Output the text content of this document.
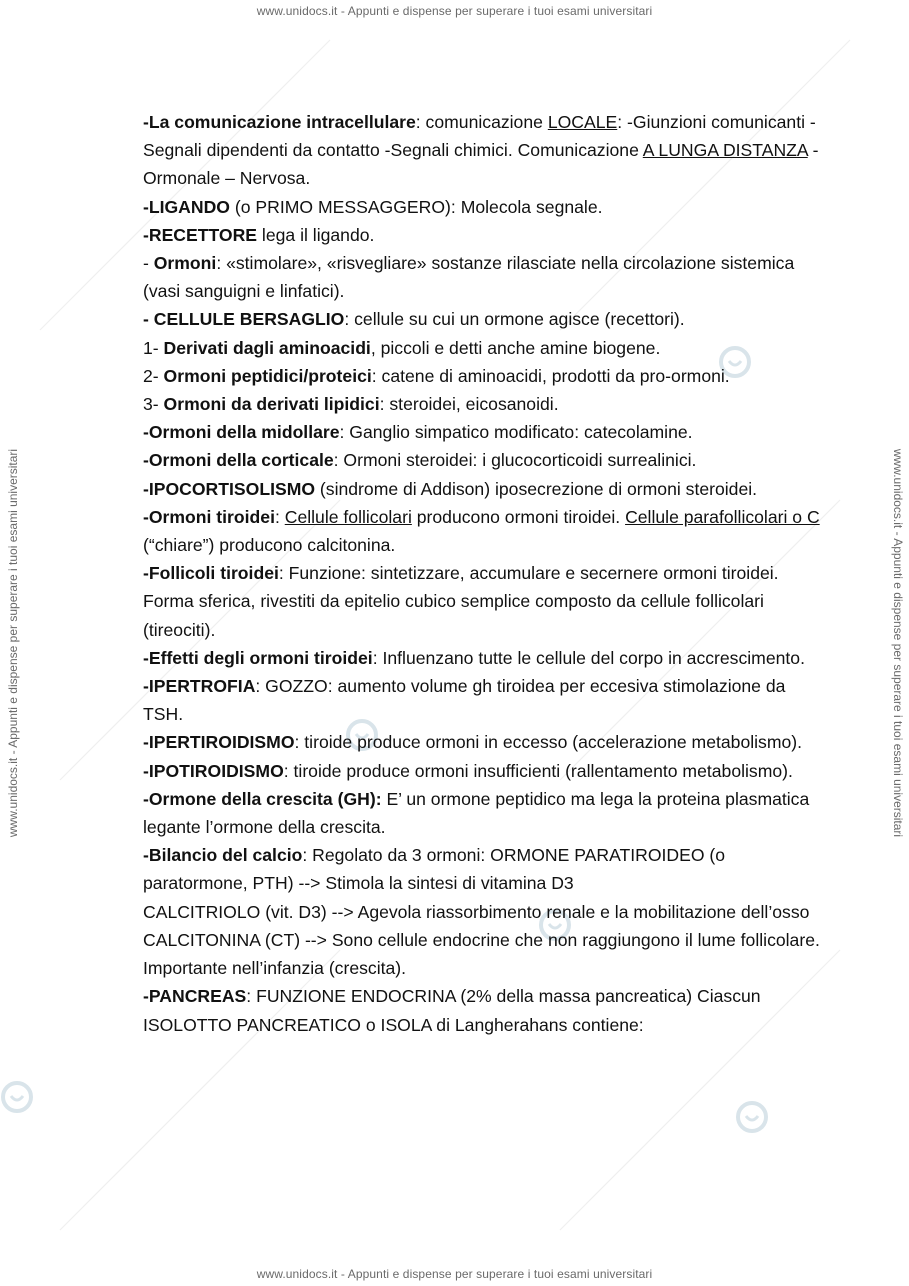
www.unidocs.it - Appunti e dispense per superare i tuoi esami universitari
www.unidocs.it - Appunti e dispense per superare i tuoi esami universitari
www.unidocs.it - Appunti e dispense per superare i tuoi esami universitari	www.unidocs.it - Appunti e dispense per superare i tuoi esami universitari

-La comunicazione intracellulare: comunicazione LOCALE: -Giunzioni comunicanti -Segnali dipendenti da contatto -Segnali chimici. Comunicazione A LUNGA DISTANZA - Ormonale – Nervosa.

-LIGANDO (o PRIMO MESSAGGERO): Molecola segnale.

-RECETTORE lega il ligando.

- Ormoni: «stimolare», «risvegliare» sostanze rilasciate nella circolazione sistemica (vasi sanguigni e linfatici).

- CELLULE BERSAGLIO: cellule su cui un ormone agisce (recettori).

1- Derivati dagli aminoacidi, piccoli e detti anche amine biogene.

2- Ormoni peptidici/proteici: catene di aminoacidi, prodotti da pro-ormoni.

3- Ormoni da derivati lipidici: steroidei, eicosanoidi.

-Ormoni della midollare: Ganglio simpatico modificato: catecolamine.

-Ormoni della corticale: Ormoni steroidei: i glucocorticoidi surrealinici.

-IPOCORTISOLISMO (sindrome di Addison) iposecrezione di ormoni steroidei.

-Ormoni tiroidei: Cellule follicolari producono ormoni tiroidei. Cellule parafollicolari o C (“chiare”) producono calcitonina.

-Follicoli tiroidei: Funzione: sintetizzare, accumulare e secernere ormoni tiroidei. Forma sferica, rivestiti da epitelio cubico semplice composto da cellule follicolari (tireociti).

-Effetti degli ormoni tiroidei: Influenzano tutte le cellule del corpo in accrescimento.

-IPERTROFIA: GOZZO: aumento volume gh tiroidea per eccesiva stimolazione da TSH.

-IPERTIROIDISMO: tiroide produce ormoni in eccesso (accelerazione metabolismo).

-IPOTIROIDISMO: tiroide produce ormoni insufficienti (rallentamento metabolismo).

-Ormone della crescita (GH): E’ un ormone peptidico ma lega la proteina plasmatica legante l’ormone della crescita.

-Bilancio del calcio: Regolato da 3 ormoni: ORMONE PARATIROIDEO (o paratormone, PTH) --> Stimola la sintesi di vitamina D3

CALCITRIOLO (vit. D3) --> Agevola riassorbimento renale e la mobilitazione dell’osso

CALCITONINA (CT) --> Sono cellule endocrine che non raggiungono il lume follicolare. Importante nell’infanzia (crescita).

-PANCREAS: FUNZIONE ENDOCRINA (2% della massa pancreatica) Ciascun ISOLOTTO PANCREATICO o ISOLA di Langherahans contiene:
